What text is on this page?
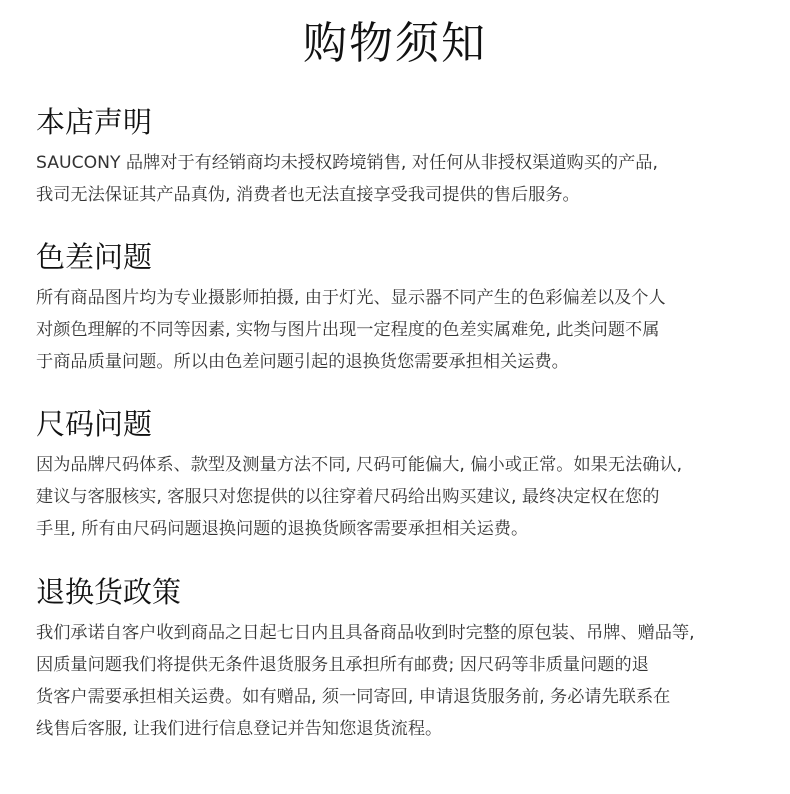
购物须知
本店声明
SAUCONY 品牌对于有经销商均未授权跨境销售, 对任何从非授权渠道购买的产品,
我司无法保证其产品真伪, 消费者也无法直接享受我司提供的售后服务。
色差问题
所有商品图片均为专业摄影师拍摄, 由于灯光、显示器不同产生的色彩偏差以及个人
对颜色理解的不同等因素, 实物与图片出现一定程度的色差实属难免, 此类问题不属
于商品质量问题。所以由色差问题引起的退换货您需要承担相关运费。
尺码问题
因为品牌尺码体系、款型及测量方法不同, 尺码可能偏大, 偏小或正常。如果无法确认,
建议与客服核实, 客服只对您提供的以往穿着尺码给出购买建议, 最终决定权在您的
手里, 所有由尺码问题退换问题的退换货顾客需要承担相关运费。
退换货政策
我们承诺自客户收到商品之日起七日内且具备商品收到时完整的原包装、吊牌、赠品等,
因质量问题我们将提供无条件退货服务且承担所有邮费; 因尺码等非质量问题的退
货客户需要承担相关运费。如有赠品, 须一同寄回, 申请退货服务前, 务必请先联系在
线售后客服, 让我们进行信息登记并告知您退货流程。
